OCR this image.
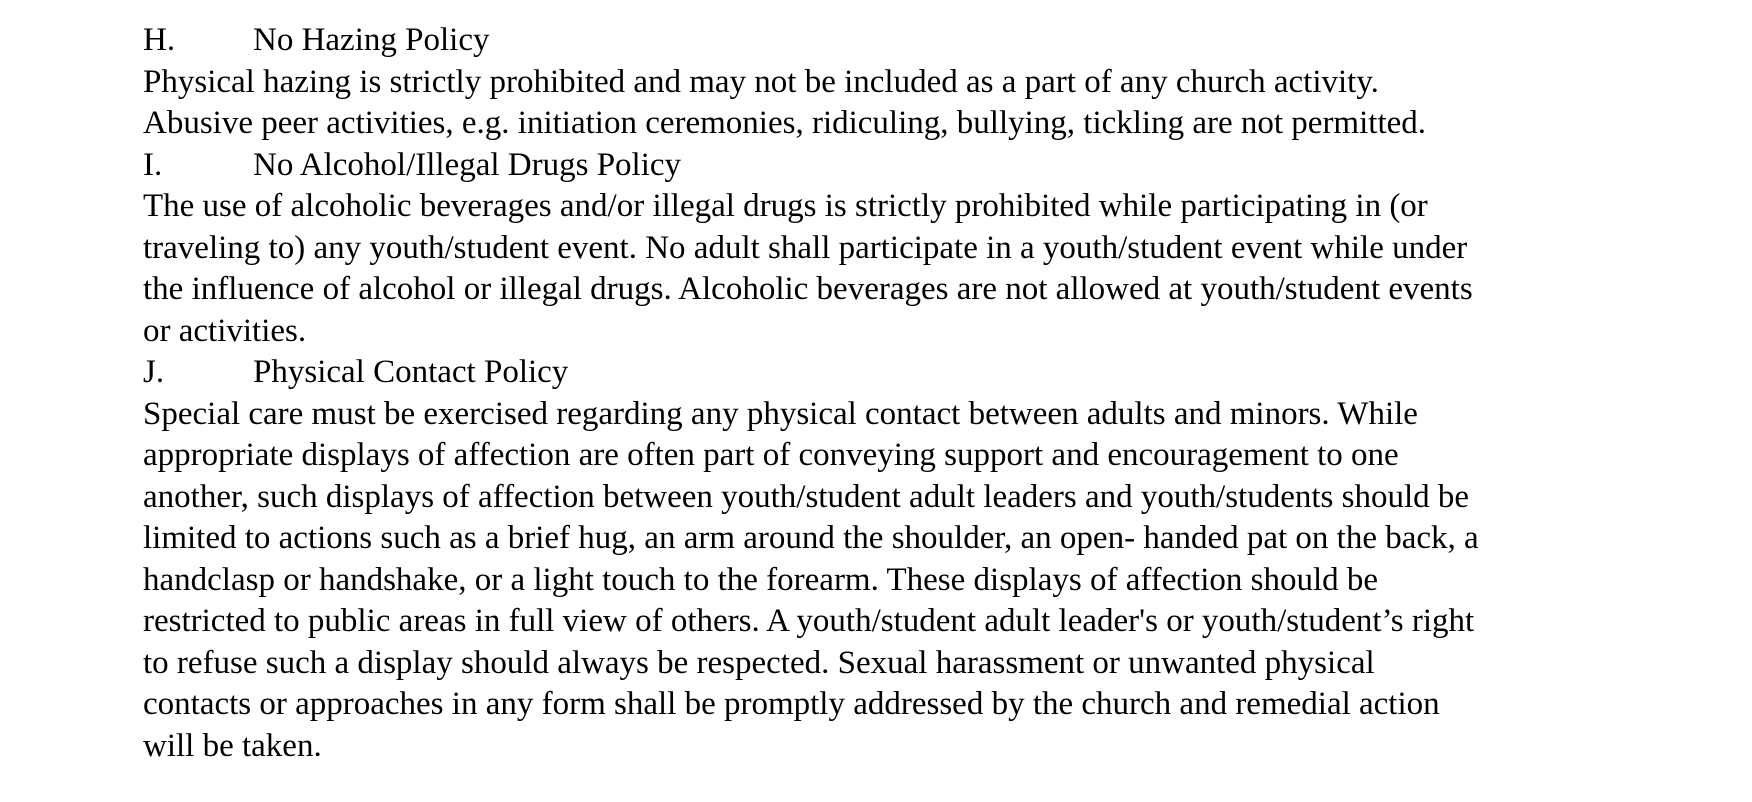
H.	No Hazing Policy

Physical hazing is strictly prohibited and may not be included as a part of any church activity.
Abusive peer activities, e.g. initiation ceremonies, ridiculing, bullying, tickling are not permitted.

I.	No Alcohol/Illegal Drugs Policy

The use of alcoholic beverages and/or illegal drugs is strictly prohibited while participating in (or
traveling to) any youth/student event. No adult shall participate in a youth/student event while under
the influence of alcohol or illegal drugs. Alcoholic beverages are not allowed at youth/student events
or activities.

J.	Physical Contact Policy

Special care must be exercised regarding any physical contact between adults and minors. While
appropriate displays of affection are often part of conveying support and encouragement to one
another, such displays of affection between youth/student adult leaders and youth/students should be
limited to actions such as a brief hug, an arm around the shoulder, an open- handed pat on the back, a
handclasp or handshake, or a light touch to the forearm. These displays of affection should be
restricted to public areas in full view of others. A youth/student adult leader's or youth/student’s right
to refuse such a display should always be respected. Sexual harassment or unwanted physical
contacts or approaches in any form shall be promptly addressed by the church and remedial action
will be taken.
